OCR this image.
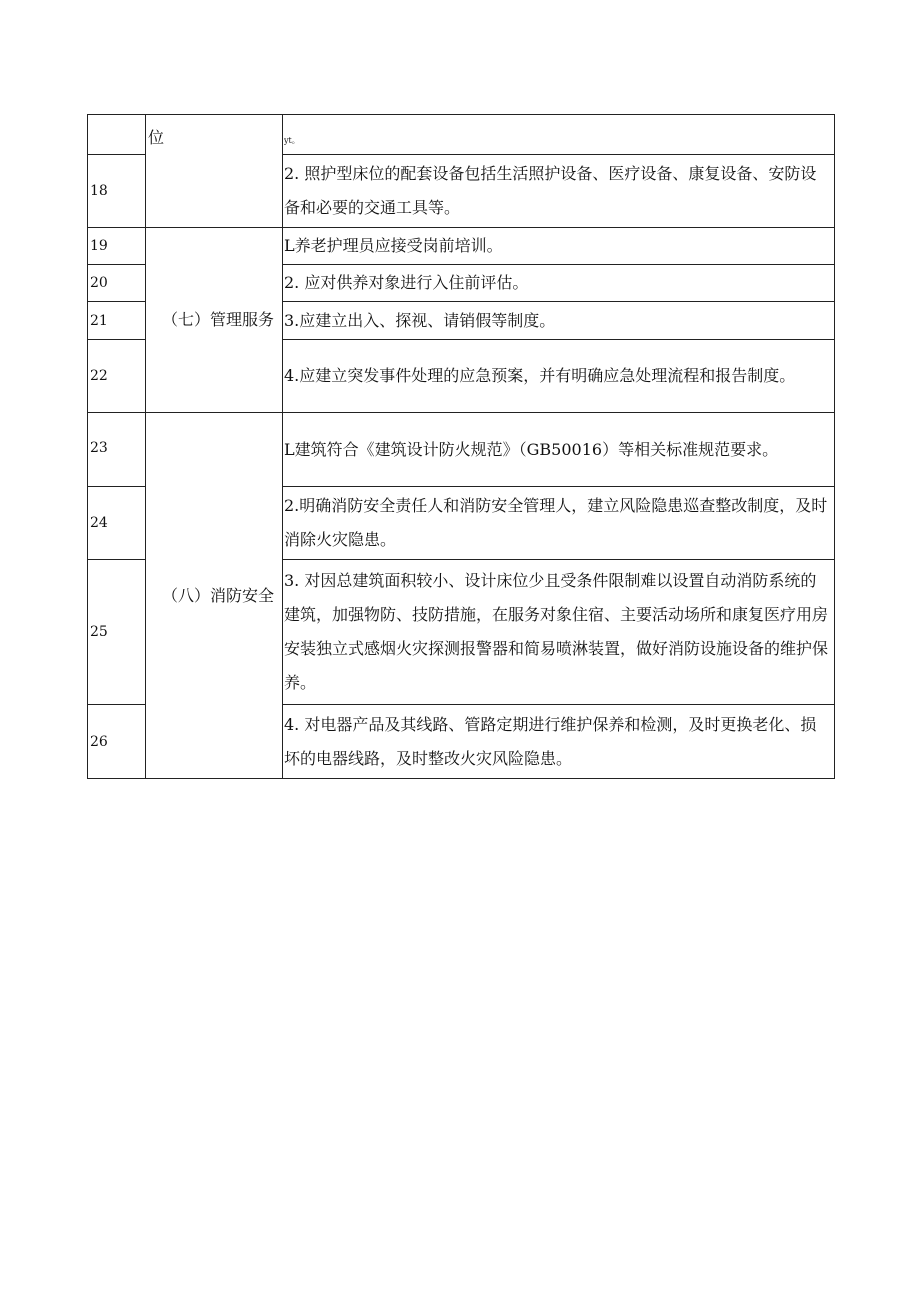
	位	yt。

18		2. 照护型床位的配套设备包括生活照护设备、医疗设备、康复设备、安防设备和必要的交通工具等。
19	（七）管理服务	L养老护理员应接受岗前培训。
20		2. 应对供养对象进行入住前评估。
21		3.应建立出入、探视、请销假等制度。
22		4.应建立突发事件处理的应急预案，并有明确应急处理流程和报告制度。
23	（八）消防安全	L建筑符合《建筑设计防火规范》（GB50016）等相关标准规范要求。
24		2.明确消防安全责任人和消防安全管理人，建立风险隐患巡查整改制度，及时消除火灾隐患。
25		3. 对因总建筑面积较小、设计床位少且受条件限制难以设置自动消防系统的建筑，加强物防、技防措施，在服务对象住宿、主要活动场所和康复医疗用房安装独立式感烟火灾探测报警器和简易喷淋装置，做好消防设施设备的维护保养。
26		4. 对电器产品及其线路、管路定期进行维护保养和检测，及时更换老化、损坏的电器线路，及时整改火灾风险隐患。
